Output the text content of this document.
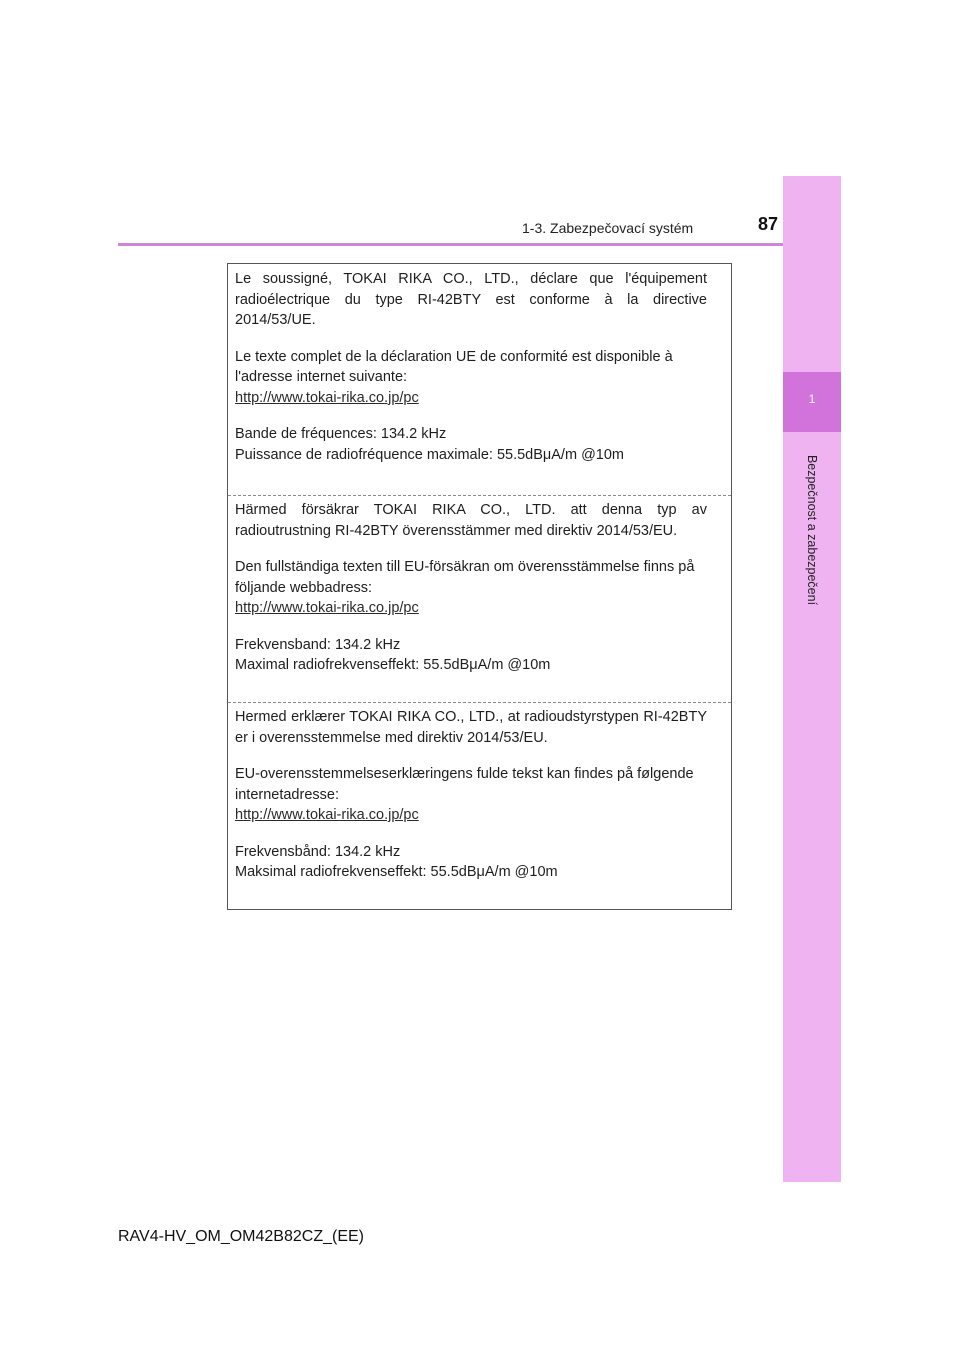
1-3. Zabezpečovací systém	87
1
Bezpečnost a zabezpečení

Le soussigné, TOKAI RIKA CO., LTD., déclare que l'équipement radioélectrique du type RI-42BTY est conforme à la directive 2014/53/UE.

Le texte complet de la déclaration UE de conformité est disponible à l'adresse internet suivante:
http://www.tokai-rika.co.jp/pc

Bande de fréquences: 134.2 kHz
Puissance de radiofréquence maximale: 55.5dBμA/m @10m

Härmed försäkrar TOKAI RIKA CO., LTD. att denna typ av radioutrustning RI-42BTY överensstämmer med direktiv 2014/53/EU.

Den fullständiga texten till EU-försäkran om överensstämmelse finns på följande webbadress:
http://www.tokai-rika.co.jp/pc

Frekvensband: 134.2 kHz
Maximal radiofrekvenseffekt: 55.5dBμA/m @10m

Hermed erklærer TOKAI RIKA CO., LTD., at radioudstyrstypen RI-42BTY er i overensstemmelse med direktiv 2014/53/EU.

EU-overensstemmelseserklæringens fulde tekst kan findes på følgende internetadresse:
http://www.tokai-rika.co.jp/pc

Frekvensbånd: 134.2 kHz
Maksimal radiofrekvenseffekt: 55.5dBμA/m @10m

RAV4-HV_OM_OM42B82CZ_(EE)
